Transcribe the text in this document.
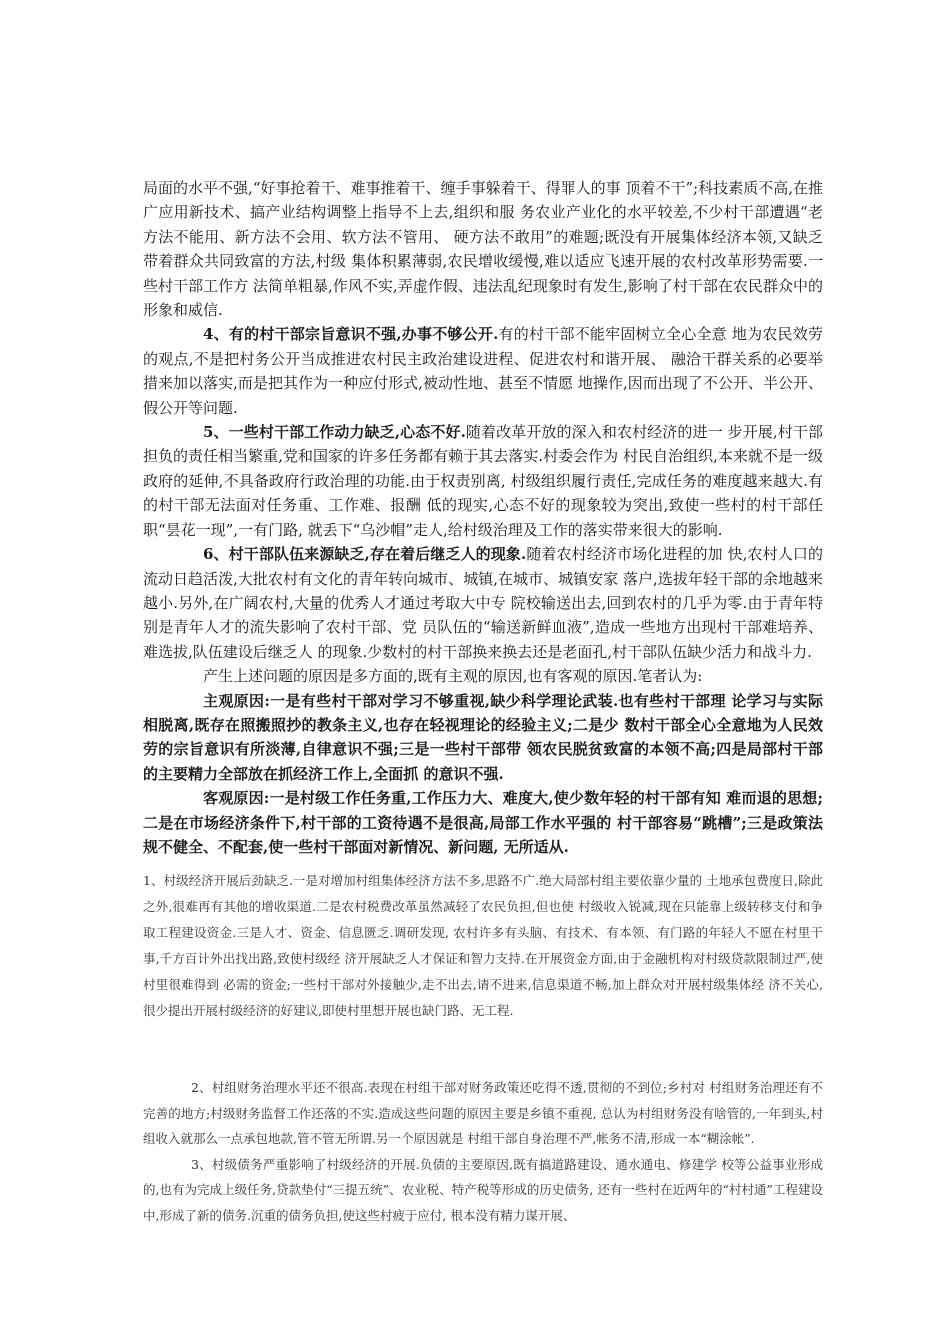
局面的水平不强,“好事抢着干、难事推着干、缠手事躲着干、得罪人的事 顶着不干”;科技素质不高,在推广应用新技术、搞产业结构调整上指导不上去,组织和服 务农业产业化的水平较差,不少村干部遭遇“老方法不能用、新方法不会用、软方法不管用、 硬方法不敢用”的难题;既没有开展集体经济本领,又缺乏带着群众共同致富的方法,村级 集体积累薄弱,农民增收缓慢,难以适应飞速开展的农村改革形势需要.一些村干部工作方 法简单粗暴,作风不实,弄虚作假、违法乱纪现象时有发生,影响了村干部在农民群众中的 形象和威信.

4、有的村干部宗旨意识不强,办事不够公开.有的村干部不能牢固树立全心全意 地为农民效劳的观点,不是把村务公开当成推进农村民主政治建设进程、促进农村和谐开展、 融洽干群关系的必要举措来加以落实,而是把其作为一种应付形式,被动性地、甚至不情愿 地操作,因而出现了不公开、半公开、假公开等问题.

5、一些村干部工作动力缺乏,心态不好.随着改革开放的深入和农村经济的进一 步开展,村干部担负的责任相当繁重,党和国家的许多任务都有赖于其去落实.村委会作为 村民自治组织,本来就不是一级政府的延伸,不具备政府行政治理的功能.由于权责别离, 村级组织履行责任,完成任务的难度越来越大.有的村干部无法面对任务重、工作难、报酬 低的现实,心态不好的现象较为突出,致使一些村的村干部任职“昙花一现”,一有门路, 就丢下“乌沙帽”走人,给村级治理及工作的落实带来很大的影响.

6、村干部队伍来源缺乏,存在着后继乏人的现象.随着农村经济市场化进程的加 快,农村人口的流动日趋活泼,大批农村有文化的青年转向城市、城镇,在城市、城镇安家 落户,选拔年轻干部的余地越来越小.另外,在广阔农村,大量的优秀人才通过考取大中专 院校输送出去,回到农村的几乎为零.由于青年特别是青年人才的流失影响了农村干部、党 员队伍的“输送新鲜血液”,造成一些地方出现村干部难培养、难选拔,队伍建设后继乏人 的现象.少数村的村干部换来换去还是老面孔,村干部队伍缺少活力和战斗力.

产生上述问题的原因是多方面的,既有主观的原因,也有客观的原因.笔者认为:

主观原因:一是有些村干部对学习不够重视,缺少科学理论武装.也有些村干部理 论学习与实际相脱离,既存在照搬照抄的教条主义,也存在轻视理论的经验主义;二是少 数村干部全心全意地为人民效劳的宗旨意识有所淡薄,自律意识不强;三是一些村干部带 领农民脱贫致富的本领不高;四是局部村干部的主要精力全部放在抓经济工作上,全面抓 的意识不强.

客观原因:一是村级工作任务重,工作压力大、难度大,使少数年轻的村干部有知 难而退的思想;二是在市场经济条件下,村干部的工资待遇不是很高,局部工作水平强的 村干部容易“跳槽”;三是政策法规不健全、不配套,使一些村干部面对新情况、新问题, 无所适从.

1、村级经济开展后劲缺乏.一是对增加村组集体经济方法不多,思路不广.绝大局部村组主要依靠少量的 土地承包费度日,除此之外,很难再有其他的增收渠道.二是农村税费改革虽然减轻了农民负担,但也使 村级收入锐减,现在只能靠上级转移支付和争取工程建设资金.三是人才、资金、信息匮乏.调研发现, 农村许多有头脑、有技术、有本领、有门路的年轻人不愿在村里干事,千方百计外出找出路,致使村级经 济开展缺乏人才保证和智力支持.在开展资金方面,由于金融机构对村级贷款限制过严,使村里很难得到 必需的资金;一些村干部对外接触少,走不出去,请不进来,信息渠道不畅,加上群众对开展村级集体经 济不关心,很少提出开展村级经济的好建议,即使村里想开展也缺门路、无工程.

2、村组财务治理水平还不很高.表现在村组干部对财务政策还吃得不透,贯彻的不到位;乡村对 村组财务治理还有不完善的地方;村级财务监督工作还落的不实.造成这些问题的原因主要是乡镇不重视, 总认为村组财务没有啥管的,一年到头,村组收入就那么一点承包地款,管不管无所谓.另一个原因就是 村组干部自身治理不严,帐务不清,形成一本“糊涂帐”.

3、村级债务严重影响了村级经济的开展.负债的主要原因,既有搞道路建设、通水通电、修建学 校等公益事业形成的,也有为完成上级任务,贷款垫付“三提五统”、农业税、特产税等形成的历史债务, 还有一些村在近两年的“村村通”工程建设中,形成了新的债务.沉重的债务负担,使这些村疲于应付, 根本没有精力谋开展、
